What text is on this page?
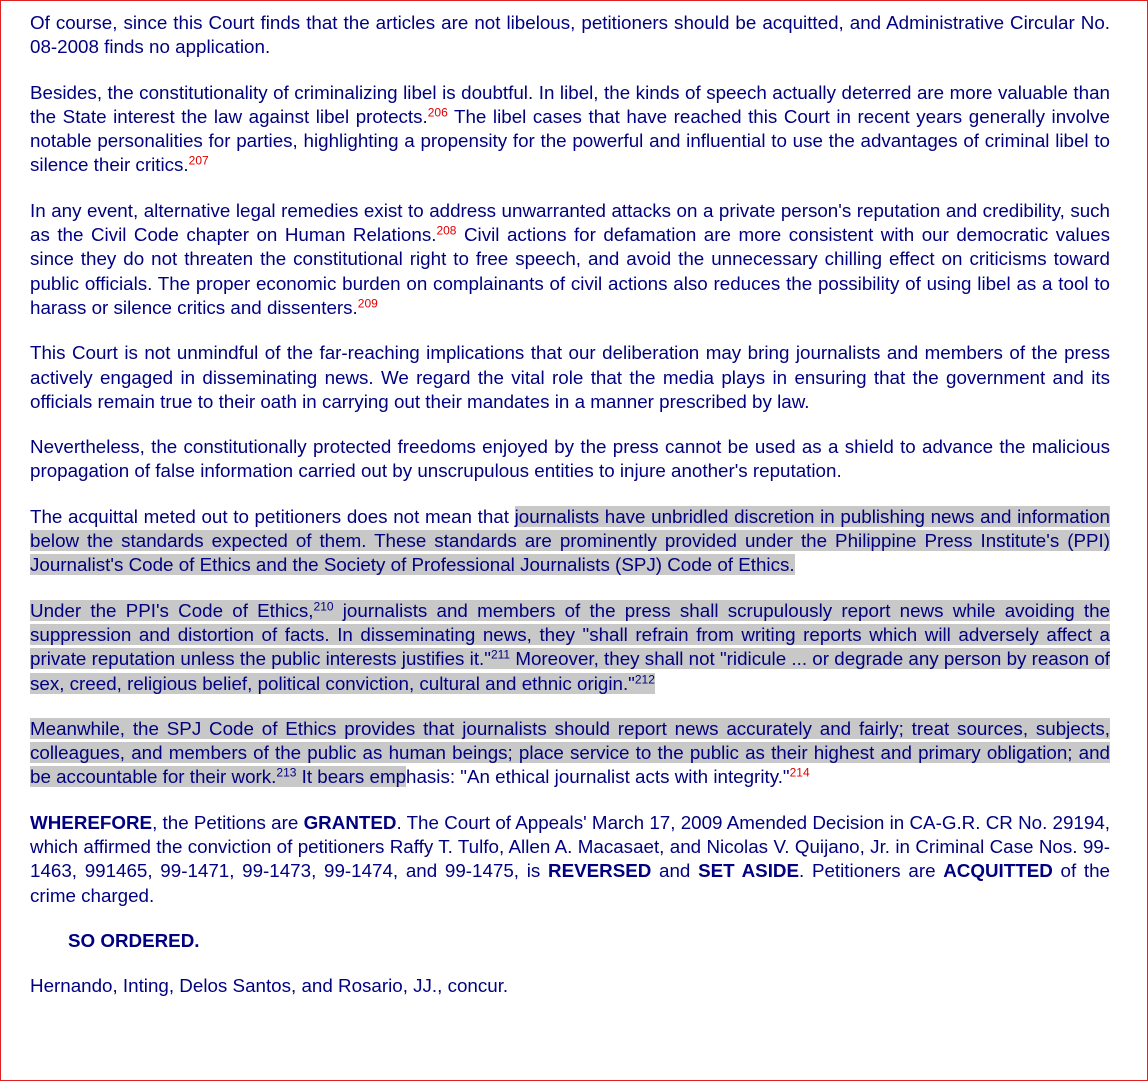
Of course, since this Court finds that the articles are not libelous, petitioners should be acquitted, and Administrative Circular No. 08-2008 finds no application.

Besides, the constitutionality of criminalizing libel is doubtful. In libel, the kinds of speech actually deterred are more valuable than the State interest the law against libel protects.$^{206}$ The libel cases that have reached this Court in recent years generally involve notable personalities for parties, highlighting a propensity for the powerful and influential to use the advantages of criminal libel to silence their critics.$^{207}$

In any event, alternative legal remedies exist to address unwarranted attacks on a private person's reputation and credibility, such as the Civil Code chapter on Human Relations.$^{208}$ Civil actions for defamation are more consistent with our democratic values since they do not threaten the constitutional right to free speech, and avoid the unnecessary chilling effect on criticisms toward public officials. The proper economic burden on complainants of civil actions also reduces the possibility of using libel as a tool to harass or silence critics and dissenters.$^{209}$

This Court is not unmindful of the far-reaching implications that our deliberation may bring journalists and members of the press actively engaged in disseminating news. We regard the vital role that the media plays in ensuring that the government and its officials remain true to their oath in carrying out their mandates in a manner prescribed by law.

Nevertheless, the constitutionally protected freedoms enjoyed by the press cannot be used as a shield to advance the malicious propagation of false information carried out by unscrupulous entities to injure another's reputation.

The acquittal meted out to petitioners does not mean that journalists have unbridled discretion in publishing news and information below the standards expected of them. These standards are prominently provided under the Philippine Press Institute's (PPI) Journalist's Code of Ethics and the Society of Professional Journalists (SPJ) Code of Ethics.

Under the PPI's Code of Ethics,$^{210}$ journalists and members of the press shall scrupulously report news while avoiding the suppression and distortion of facts. In disseminating news, they "shall refrain from writing reports which will adversely affect a private reputation unless the public interests justifies it."$^{211}$ Moreover, they shall not "ridicule ... or degrade any person by reason of sex, creed, religious belief, political conviction, cultural and ethnic origin."$^{212}$

Meanwhile, the SPJ Code of Ethics provides that journalists should report news accurately and fairly; treat sources, subjects, colleagues, and members of the public as human beings; place service to the public as their highest and primary obligation; and be accountable for their work.$^{213}$ It bears emphasis: "An ethical journalist acts with integrity."$^{214}$

WHEREFORE, the Petitions are GRANTED. The Court of Appeals' March 17, 2009 Amended Decision in CA-G.R. CR No. 29194, which affirmed the conviction of petitioners Raffy T. Tulfo, Allen A. Macasaet, and Nicolas V. Quijano, Jr. in Criminal Case Nos. 99-1463, 991465, 99-1471, 99-1473, 99-1474, and 99-1475, is REVERSED and SET ASIDE. Petitioners are ACQUITTED of the crime charged.

SO ORDERED.

Hernando, Inting, Delos Santos, and Rosario, JJ., concur.
